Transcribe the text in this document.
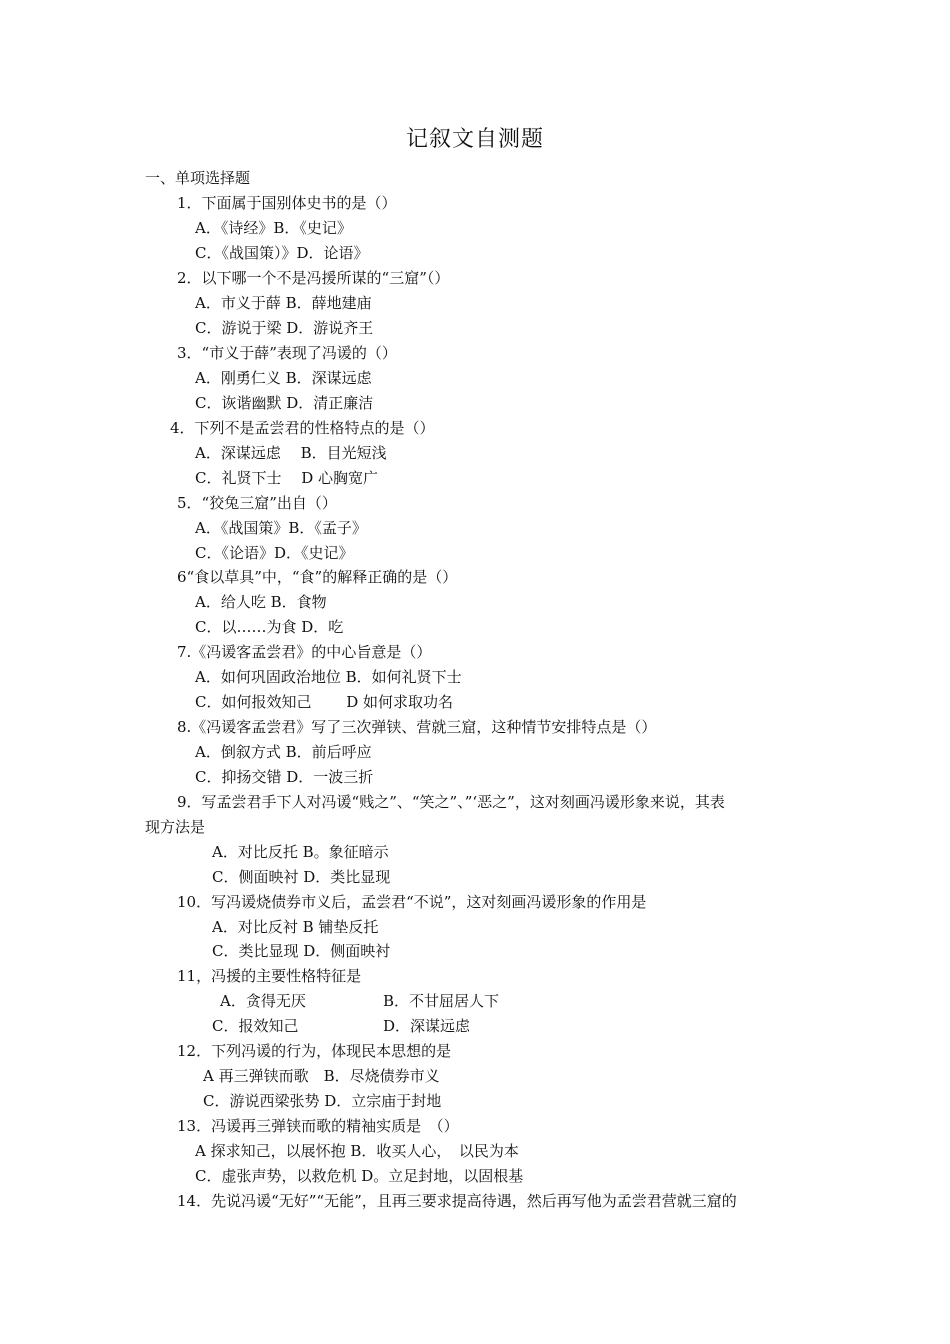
记叙文自测题
一、单项选择题
1．下面属于国别体史书的是（）
A．《诗经》B．《史记》
C．《战国策）》D．论语》
2．以下哪一个不是冯援所谋的“三窟”（）
A．市义于薛 B．薛地建庙
C．游说于梁 D．游说齐王
3．“市义于薛”表现了冯谖的（）
A．刚勇仁义 B．深谋远虑
C．诙谐幽默 D．清正廉洁
4．下列不是孟尝君的性格特点的是（）
A．深谋远虑　 B．目光短浅
C．礼贤下士　 D 心胸宽广
5．“狡兔三窟”出自（）
A．《战国策》B．《孟子》
C．《论语》D．《史记》
6“食以草具”中，“食”的解释正确的是（）
A．给人吃 B．食物
C．以……为食 D．吃
7.《冯谖客孟尝君》的中心旨意是（）
A．如何巩固政治地位 B．如何礼贤下士
C．如何报效知己　　 D 如何求取功名
8.《冯谖客孟尝君》写了三次弹铗、营就三窟，这种情节安排特点是（）
A．倒叙方式 B．前后呼应
C．抑扬交错 D．一波三折
9．写孟尝君手下人对冯谖“贱之”、“笑之”、”‘恶之”，这对刻画冯谖形象来说，其表
现方法是
A．对比反托 B。象征暗示
C．侧面映衬 D．类比显现
10．写冯谖烧债券市义后，孟尝君“不说”，这对刻画冯谖形象的作用是
A．对比反衬 B 铺垫反托
C．类比显现 D．侧面映衬
11，冯援的主要性格特征是
A．贪得无厌	B．不甘屈居人下
C．报效知己	D．深谋远虑
12．下列冯谖的行为，体现民本思想的是
A 再三弹铗而歌　B．尽烧债券市义
C．游说西梁张势 D．立宗庙于封地
13．冯谖再三弹铗而歌的精袖实质是　（）
A 探求知己，以展怀抱 B．收买人心，　以民为本
C．虚张声势，以救危机 D。立足封地，以固根基
14．先说冯谖“无好”“无能”，且再三要求提高待遇，然后再写他为孟尝君营就三窟的
